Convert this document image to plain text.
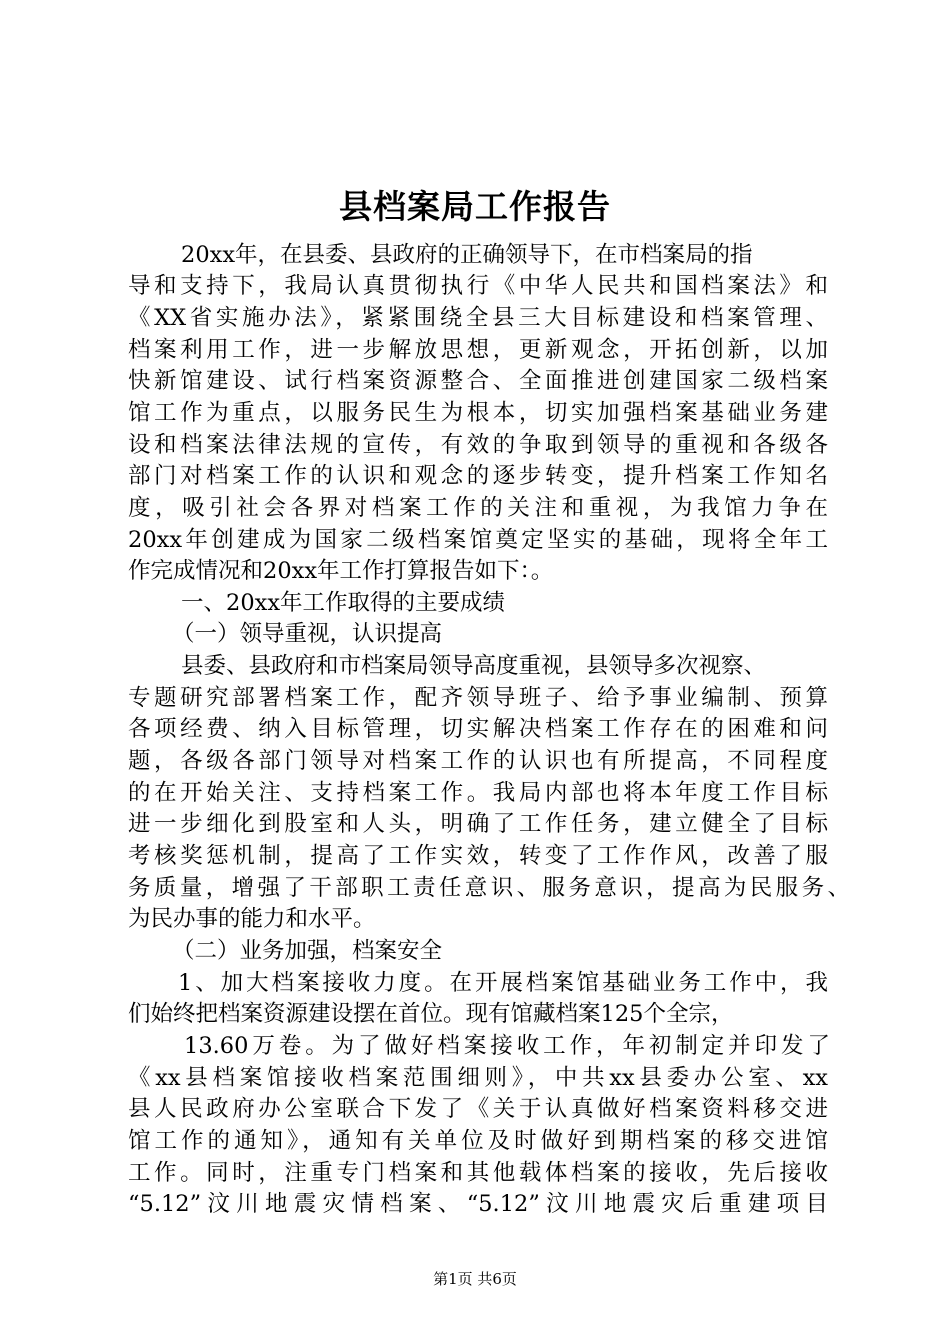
县档案局工作报告
20xx年，在县委、县政府的正确领导下，在市档案局的指
导和支持下，我局认真贯彻执行《中华人民共和国档案法》和
《XX省实施办法》，紧紧围绕全县三大目标建设和档案管理、
档案利用工作，进一步解放思想，更新观念，开拓创新，以加
快新馆建设、试行档案资源整合、全面推进创建国家二级档案
馆工作为重点，以服务民生为根本，切实加强档案基础业务建
设和档案法律法规的宣传，有效的争取到领导的重视和各级各
部门对档案工作的认识和观念的逐步转变，提升档案工作知名
度，吸引社会各界对档案工作的关注和重视，为我馆力争在
20xx年创建成为国家二级档案馆奠定坚实的基础，现将全年工
作完成情况和20xx年工作打算报告如下：。
一、20xx年工作取得的主要成绩
（一）领导重视，认识提高
县委、县政府和市档案局领导高度重视，县领导多次视察、
专题研究部署档案工作，配齐领导班子、给予事业编制、预算
各项经费、纳入目标管理，切实解决档案工作存在的困难和问
题，各级各部门领导对档案工作的认识也有所提高，不同程度
的在开始关注、支持档案工作。我局内部也将本年度工作目标
进一步细化到股室和人头，明确了工作任务，建立健全了目标
考核奖惩机制，提高了工作实效，转变了工作作风，改善了服
务质量，增强了干部职工责任意识、服务意识，提高为民服务、
为民办事的能力和水平。
（二）业务加强，档案安全
1、加大档案接收力度。在开展档案馆基础业务工作中，我
们始终把档案资源建设摆在首位。现有馆藏档案125个全宗，
13.60万卷。为了做好档案接收工作，年初制定并印发了
《xx县档案馆接收档案范围细则》，中共xx县委办公室、xx
县人民政府办公室联合下发了《关于认真做好档案资料移交进
馆工作的通知》，通知有关单位及时做好到期档案的移交进馆
工作。同时，注重专门档案和其他载体档案的接收，先后接收
“5.12”汶川地震灾情档案、“5.12”汶川地震灾后重建项目
第1页 共6页
